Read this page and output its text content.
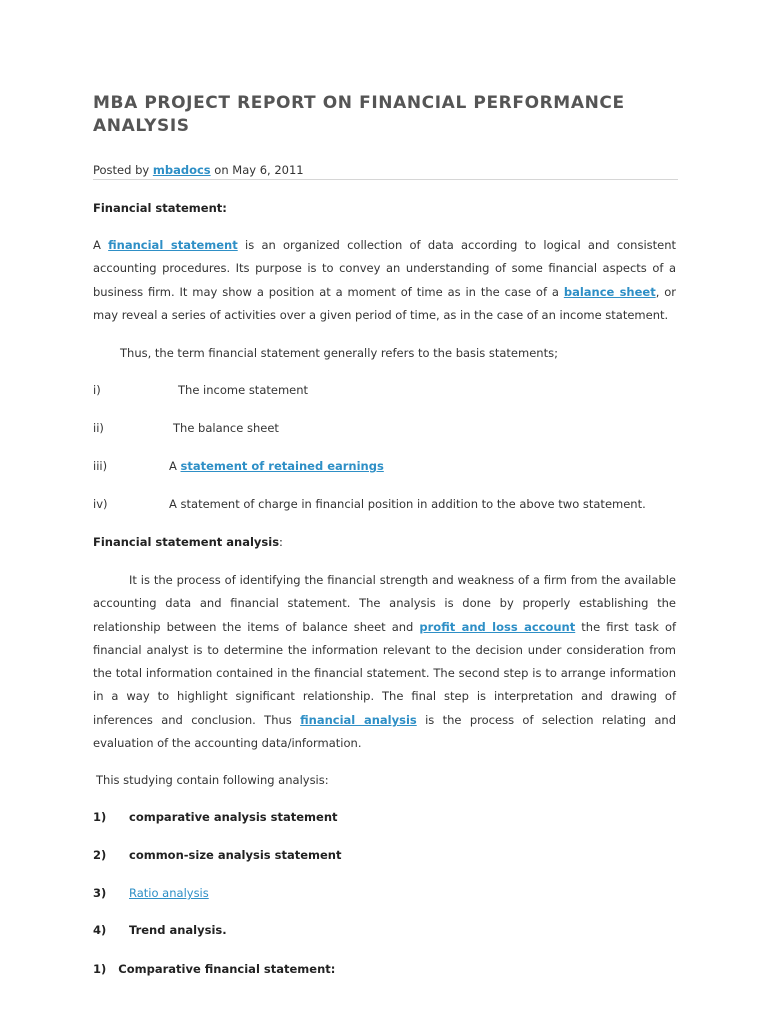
MBA PROJECT REPORT ON FINANCIAL PERFORMANCE ANALYSIS
Posted by mbadocs on May 6, 2011
Financial statement:

A financial statement is an organized collection of data according to logical and consistent accounting procedures. Its purpose is to convey an understanding of some financial aspects of a business firm. It may show a position at a moment of time as in the case of a balance sheet, or may reveal a series of activities over a given period of time, as in the case of an income statement.

Thus, the term financial statement generally refers to the basis statements;
i)	The income statement
ii)	The balance sheet
iii)	A statement of retained earnings
iv)	A statement of charge in financial position in addition to the above two statement.
Financial statement analysis:

It is the process of identifying the financial strength and weakness of a firm from the available accounting data and financial statement. The analysis is done by properly establishing the relationship between the items of balance sheet and profit and loss account the first task of financial analyst is to determine the information relevant to the decision under consideration from the total information contained in the financial statement. The second step is to arrange information in a way to highlight significant relationship. The final step is interpretation and drawing of inferences and conclusion. Thus financial analysis is the process of selection relating and evaluation of the accounting data/information.

This studying contain following analysis:
1) comparative analysis statement
2) common-size analysis statement
3) Ratio analysis
4) Trend analysis.
1) Comparative financial statement:
